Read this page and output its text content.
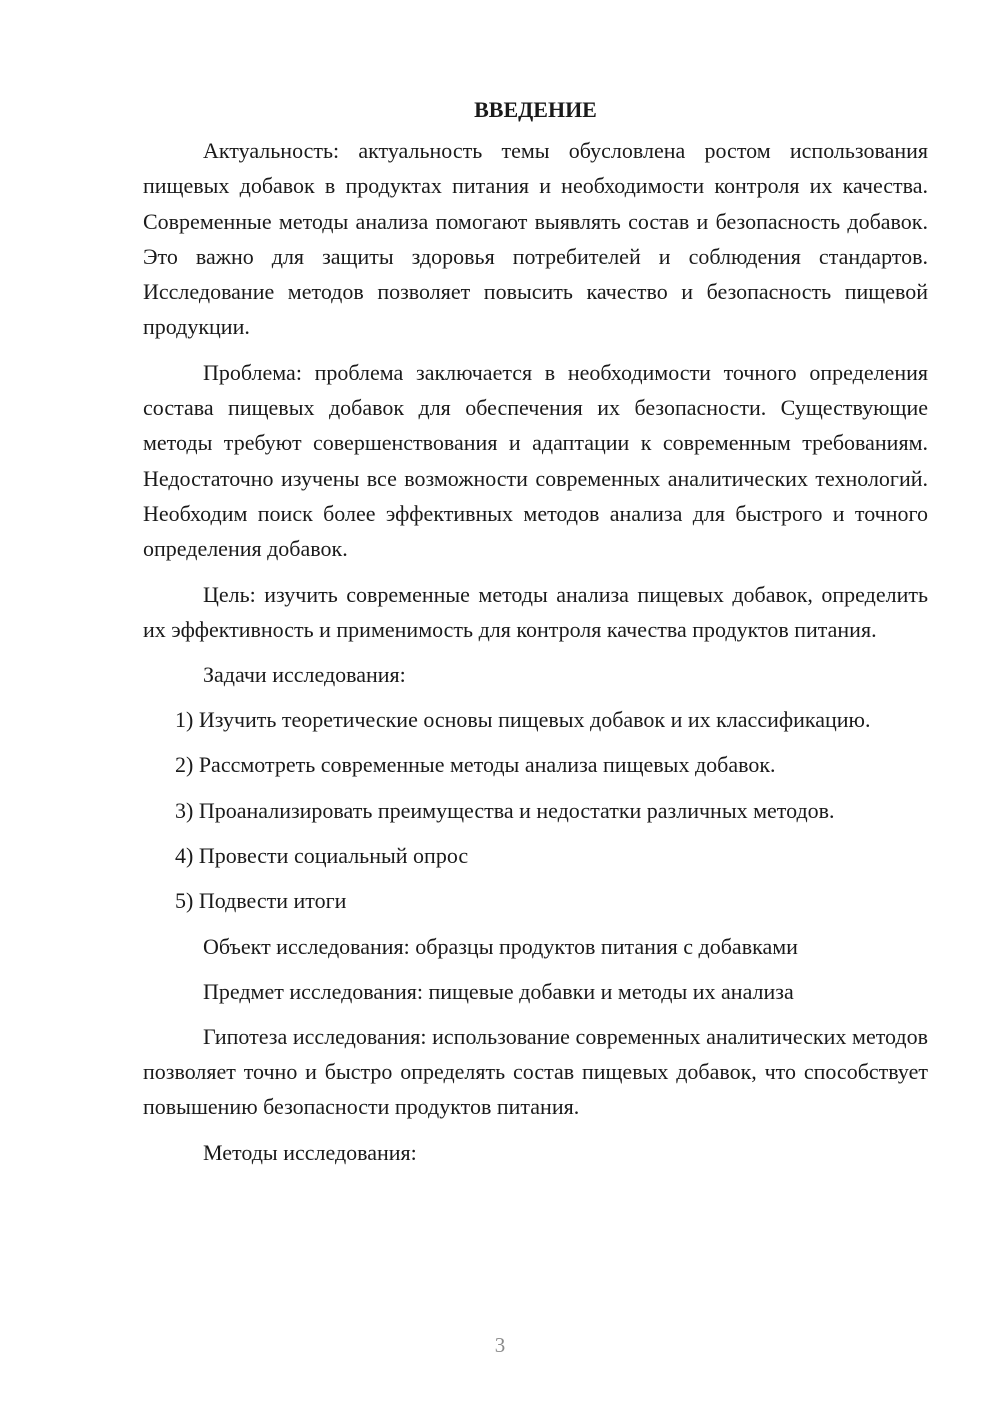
ВВЕДЕНИЕ

Актуальность: актуальность темы обусловлена ростом использования пищевых добавок в продуктах питания и необходимости контроля их качества. Современные методы анализа помогают выявлять состав и безопасность добавок. Это важно для защиты здоровья потребителей и соблюдения стандартов. Исследование методов позволяет повысить качество и безопасность пищевой продукции.

Проблема: проблема заключается в необходимости точного определения состава пищевых добавок для обеспечения их безопасности. Существующие методы требуют совершенствования и адаптации к современным требованиям. Недостаточно изучены все возможности современных аналитических технологий. Необходим поиск более эффективных методов анализа для быстрого и точного определения добавок.

Цель: изучить современные методы анализа пищевых добавок, определить их эффективность и применимость для контроля качества продуктов питания.

Задачи исследования:

1) Изучить теоретические основы пищевых добавок и их классификацию.

2) Рассмотреть современные методы анализа пищевых добавок.

3) Проанализировать преимущества и недостатки различных методов.

4) Провести социальный опрос

5) Подвести итоги

Объект исследования: образцы продуктов питания с добавками

Предмет исследования: пищевые добавки и методы их анализа

Гипотеза исследования: использование современных аналитических методов позволяет точно и быстро определять состав пищевых добавок, что способствует повышению безопасности продуктов питания.

Методы исследования:

3
